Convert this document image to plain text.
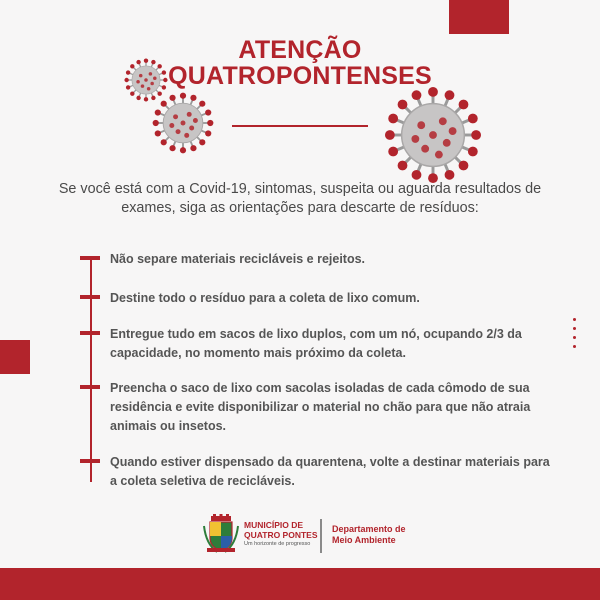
ATENÇÃO
QUATROPONTENSES
Se você está com a Covid-19, sintomas, suspeita ou aguarda resultados de exames, siga as orientações para descarte de resíduos:
Não separe materiais recicláveis e rejeitos.
Destine todo o resíduo para a coleta de lixo comum.
Entregue tudo em sacos de lixo duplos, com um nó, ocupando 2/3 da capacidade, no momento mais próximo da coleta.
Preencha o saco de lixo com sacolas isoladas de cada cômodo de sua residência e evite disponibilizar o material no chão para que não atraia animais ou insetos.
Quando estiver dispensado da quarentena, volte a destinar materiais para a coleta seletiva de recicláveis.
MUNICÍPIO DE
QUATRO PONTES
Um horizonte de progresso
Departamento de
Meio Ambiente
